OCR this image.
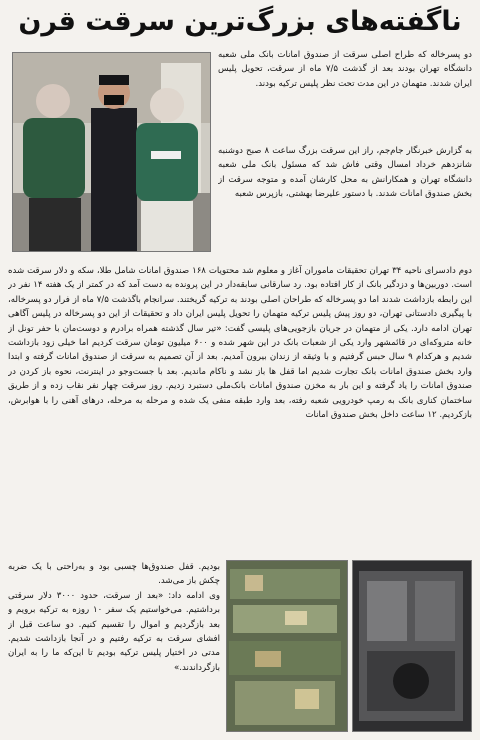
ناگفته‌های بزرگ‌ترین سرقت قرن

دو پسرخاله که طراح اصلی سرقت از صندوق امانات بانک ملی شعبه دانشگاه تهران بودند بعد از گذشت ۷/۵ ماه از سرقت، تحویل پلیس ایران شدند. متهمان در این مدت تحت نظر پلیس ترکیه بودند.

به گزارش خبرنگار جام‌جم، راز این سرقت بزرگ ساعت ۸ صبح دوشنبه شانزدهم خرداد امسال وقتی فاش شد که مسئول بانک ملی شعبه دانشگاه تهران و همکارانش به محل کارشان آمده و متوجه سرقت از بخش صندوق امانات شدند. با دستور علیرضا بهشتی، بازپرس شعبه

دوم دادسرای ناحیه ۳۴ تهران تحقیقات ماموران آغاز و معلوم شد محتویات ۱۶۸ صندوق امانات شامل طلا، سکه و دلار سرقت شده است. دوربین‌ها و دزدگیر بانک از کار افتاده بود. رد سارقانی سابقه‌دار در این پرونده به دست آمد که در کمتر از یک هفته ۱۴ نفر در این رابطه بازداشت شدند اما دو پسرخاله که طراحان اصلی بودند به ترکیه گریختند. سرانجام باگذشت ۷/۵ ماه از فرار دو پسرخاله، با پیگیری دادستانی تهران، دو روز پیش پلیس ترکیه متهمان را تحویل پلیس ایران داد و تحقیقات از این دو پسرخاله در پلیس آگاهی تهران ادامه دارد. یکی از متهمان در جریان بازجویی‌های پلیسی گفت: «تیر سال گذشته همراه برادرم و دوست‌مان با حفر تونل از خانه متروکه‌ای در قائمشهر وارد یکی از شعبات بانک در این شهر شده و ۶۰۰ میلیون تومان سرقت کردیم اما خیلی زود بازداشت شدیم و هرکدام ۹ سال حبس گرفتیم و با وثیقه از زندان بیرون آمدیم. بعد از آن تصمیم به سرقت از صندوق امانات گرفته و ابتدا وارد بخش صندوق امانات بانک تجارت شدیم اما قفل ها باز نشد و ناکام ماندیم. بعد با جست‌وجو در اینترنت، نحوه باز کردن در صندوق امانات را یاد گرفته و این بار به مخزن صندوق امانات بانک‌ملی دستبرد زدیم. روز سرقت چهار نفر نقاب زده و از طریق ساختمان کناری بانک به رمپ خودرویی شعبه رفته، بعد وارد طبقه منفی یک شده و مرحله به مرحله، درهای آهنی را با هوابرش، بازکردیم. ۱۲ ساعت داخل بخش صندوق امانات

بودیم. قفل صندوق‌ها چسبی بود و به‌راحتی با یک ضربه چکش باز می‌شد.

وی ادامه داد: «بعد از سرقت، حدود ۳۰۰۰ دلار سرقتی برداشتیم. می‌خواستیم یک سفر ۱۰ روزه به ترکیه برویم و بعد بازگردیم و اموال را تقسیم کنیم. دو ساعت قبل از افشای سرقت به ترکیه رفتیم و در آنجا بازداشت شدیم. مدتی در اختیار پلیس ترکیه بودیم تا این‌که ما را به ایران بازگرداندند.»
